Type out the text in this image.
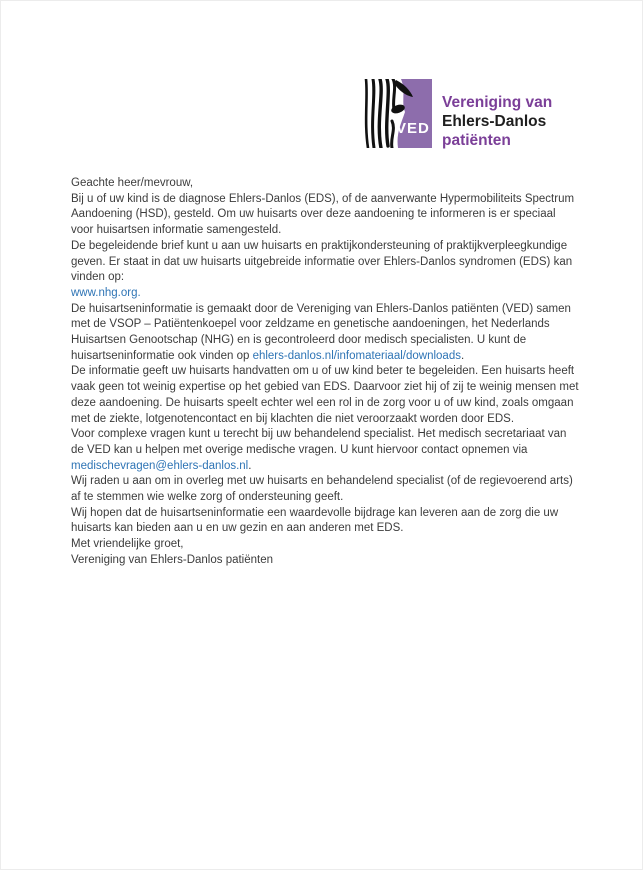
VED
Vereniging van
Ehlers-Danlos
patiënten

Geachte heer/mevrouw,

Bij u of uw kind is de diagnose Ehlers-Danlos (EDS), of de aanverwante Hypermobiliteits Spectrum Aandoening (HSD), gesteld. Om uw huisarts over deze aandoening te informeren is er speciaal voor huisartsen informatie samengesteld.

De begeleidende brief kunt u aan uw huisarts en praktijkondersteuning of praktijkverpleegkundige geven. Er staat in dat uw huisarts uitgebreide informatie over Ehlers-Danlos syndromen (EDS) kan vinden op:

www.nhg.org.

De huisartseninformatie is gemaakt door de Vereniging van Ehlers-Danlos patiënten (VED) samen met de VSOP – Patiëntenkoepel voor zeldzame en genetische aandoeningen, het Nederlands Huisartsen Genootschap (NHG) en is gecontroleerd door medisch specialisten. U kunt de huisartseninformatie ook vinden op ehlers-danlos.nl/infomateriaal/downloads.

De informatie geeft uw huisarts handvatten om u of uw kind beter te begeleiden. Een huisarts heeft vaak geen tot weinig expertise op het gebied van EDS. Daarvoor ziet hij of zij te weinig mensen met deze aandoening. De huisarts speelt echter wel een rol in de zorg voor u of uw kind, zoals omgaan met de ziekte, lotgenotencontact en bij klachten die niet veroorzaakt worden door EDS.

Voor complexe vragen kunt u terecht bij uw behandelend specialist. Het medisch secretariaat van de VED kan u helpen met overige medische vragen. U kunt hiervoor contact opnemen via medischevragen@ehlers-danlos.nl.

Wij raden u aan om in overleg met uw huisarts en behandelend specialist (of de regievoerend arts) af te stemmen wie welke zorg of ondersteuning geeft.

Wij hopen dat de huisartseninformatie een waardevolle bijdrage kan leveren aan de zorg die uw huisarts kan bieden aan u en uw gezin en aan anderen met EDS.

Met vriendelijke groet,

Vereniging van Ehlers-Danlos patiënten
